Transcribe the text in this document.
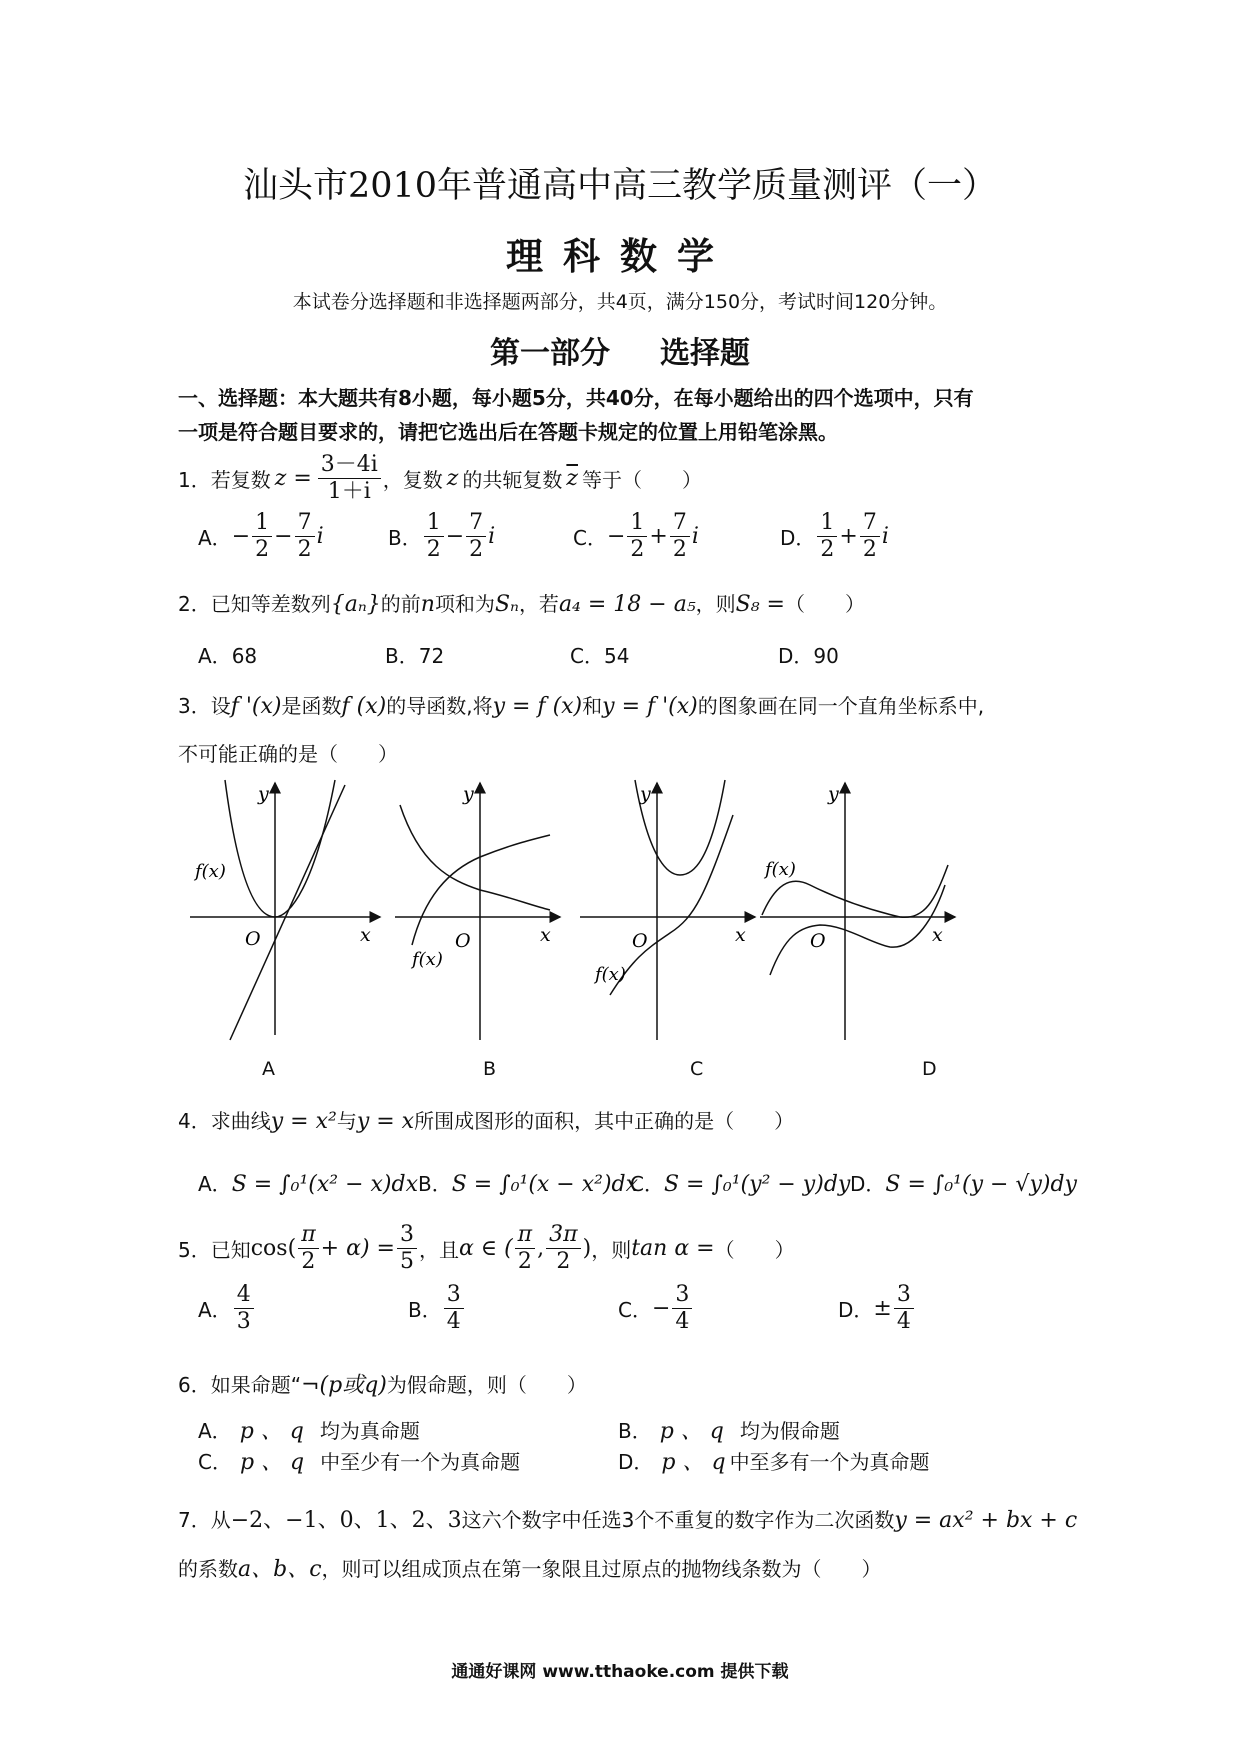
汕头市2010年普通高中高三教学质量测评（一）
理科数学
本试卷分选择题和非选择题两部分，共4页，满分150分，考试时间120分钟。
第一部分 选择题
一、选择题：本大题共有8小题，每小题5分，共40分，在每小题给出的四个选项中，只有
一项是符合题目要求的，请把它选出后在答题卡规定的位置上用铅笔涂黑。
1． 若复数 $z = \frac{3-4i}{1+i}$ ，复数 z 的共轭复数 $\overline{z}$ 等于（　　）
A． − $\frac{1}{2} - \frac{7}{2}$ i	B． $\frac{1}{2} - \frac{7}{2}$ i	C． − $\frac{1}{2} + \frac{7}{2}$ i	D． $\frac{1}{2} + \frac{7}{2}$ i
2．已知等差数列{aₙ}的前n项和为Sₙ，若a₄ = 18 − a₅，则S₈ =（　　）
A．68	B．72	C．54	D．90
3．设f '(x)是函数f (x)的导函数,将y = f (x)和y = f '(x)的图象画在同一个直角坐标系中,
不可能正确的是（　　）
y
x
O
f(x)
y
x
O
f(x)
y
x
O
f(x)
y
x
O
f(x)
A	B	C	D
4．求曲线y = x²与y = x所围成图形的面积，其中正确的是（　　）
A．S = ∫₀¹(x² − x)dx B．S = ∫₀¹(x − x²)dx
C．S = ∫₀¹(y² − y)dy D．S = ∫₀¹(y − √y)dy
5． 已知 $\cos( \frac{\pi}{2} + \alpha) = \frac{3}{5}$ ，且 α ∈ ( $\frac{\pi}{2}$ , $\frac{3\pi}{2}$ ) ，则 tan α = （　　）
A． $\frac{4}{3}$	B． $\frac{3}{4}$	C． − $\frac{3}{4}$	D． ± $\frac{3}{4}$
6．如果命题“¬(p或q)为假命题，则（　　）
A． p 、 q 均为真命题	B． p 、 q 均为假命题
C． p 、 q 中至少有一个为真命题	D． p 、 q 中至多有一个为真命题
7．从−2、−1、0、1、2、3这六个数字中任选3个不重复的数字作为二次函数y = ax² + bx + c
的系数a、b、c，则可以组成顶点在第一象限且过原点的抛物线条数为（　　）
通通好课网 www.tthaoke.com 提供下载
